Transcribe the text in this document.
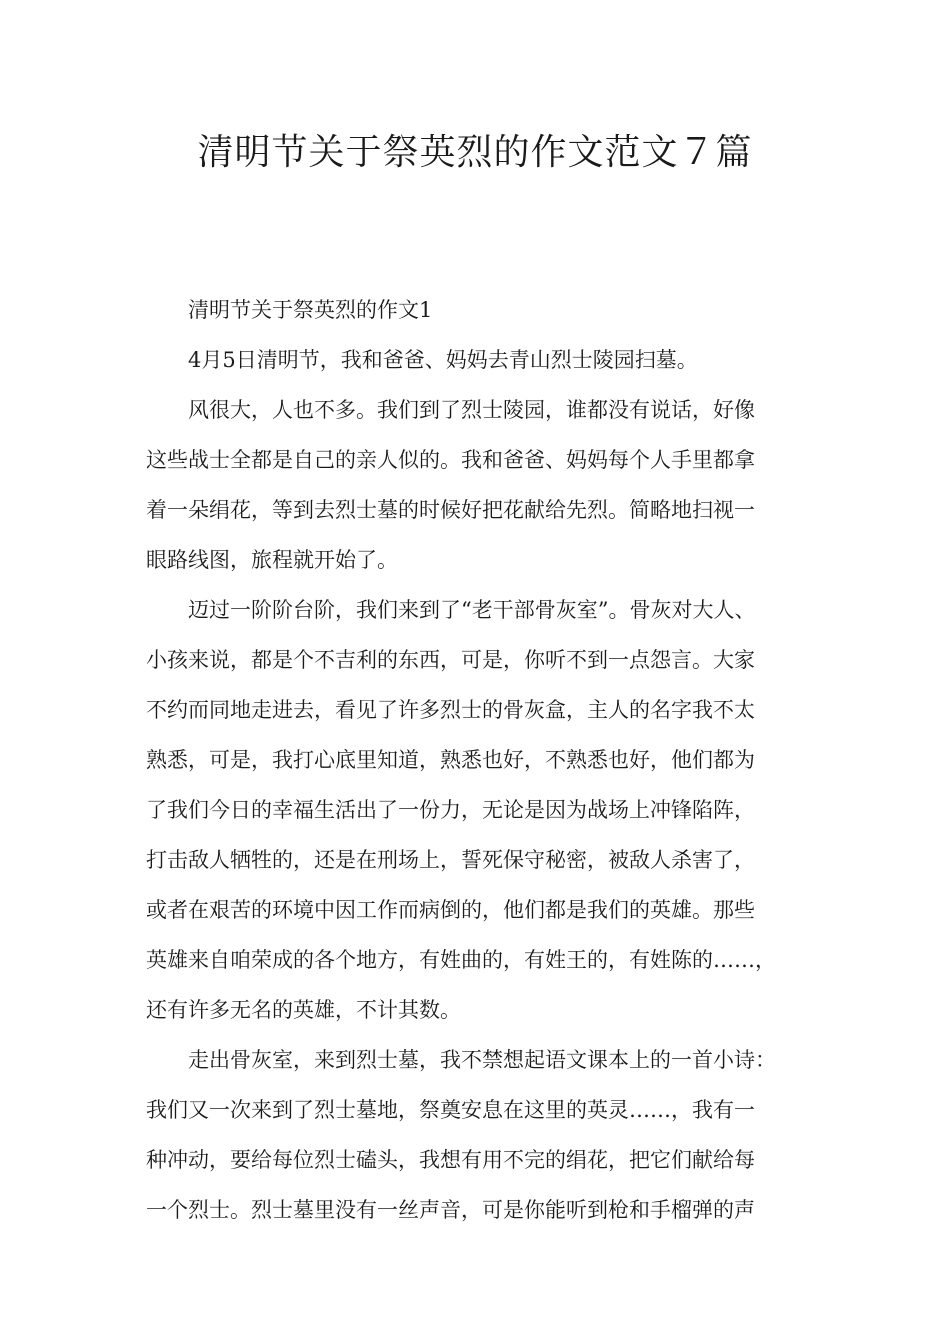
清明节关于祭英烈的作文范文７篇
清明节关于祭英烈的作文1
4月5日清明节，我和爸爸、妈妈去青山烈士陵园扫墓。
风很大，人也不多。我们到了烈士陵园，谁都没有说话，好像
这些战士全都是自己的亲人似的。我和爸爸、妈妈每个人手里都拿
着一朵绢花，等到去烈士墓的时候好把花献给先烈。简略地扫视一
眼路线图，旅程就开始了。
迈过一阶阶台阶，我们来到了“老干部骨灰室”。骨灰对大人、
小孩来说，都是个不吉利的东西，可是，你听不到一点怨言。大家
不约而同地走进去，看见了许多烈士的骨灰盒，主人的名字我不太
熟悉，可是，我打心底里知道，熟悉也好，不熟悉也好，他们都为
了我们今日的幸福生活出了一份力，无论是因为战场上冲锋陷阵，
打击敌人牺牲的，还是在刑场上，誓死保守秘密，被敌人杀害了，
或者在艰苦的环境中因工作而病倒的，他们都是我们的英雄。那些
英雄来自咱荣成的各个地方，有姓曲的，有姓王的，有姓陈的……，
还有许多无名的英雄，不计其数。
走出骨灰室，来到烈士墓，我不禁想起语文课本上的一首小诗：
我们又一次来到了烈士墓地，祭奠安息在这里的英灵……，我有一
种冲动，要给每位烈士磕头，我想有用不完的绢花，把它们献给每
一个烈士。烈士墓里没有一丝声音，可是你能听到枪和手榴弹的声
